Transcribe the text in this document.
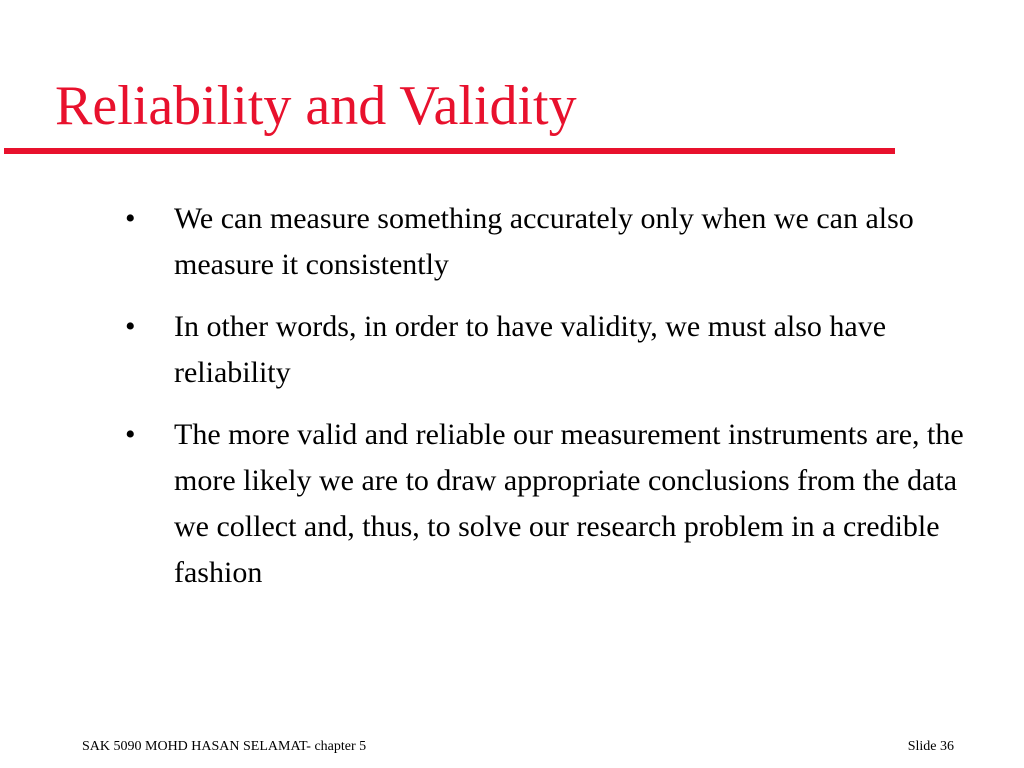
Reliability and Validity
• We can measure something accurately only when we can also measure it consistently
• In other words, in order to have validity, we must also have reliability
• The more valid and reliable our measurement instruments are, the more likely we are to draw appropriate conclusions from the data we collect and, thus, to solve our research problem in a credible fashion
SAK 5090 MOHD HASAN SELAMAT- chapter 5	Slide 36
